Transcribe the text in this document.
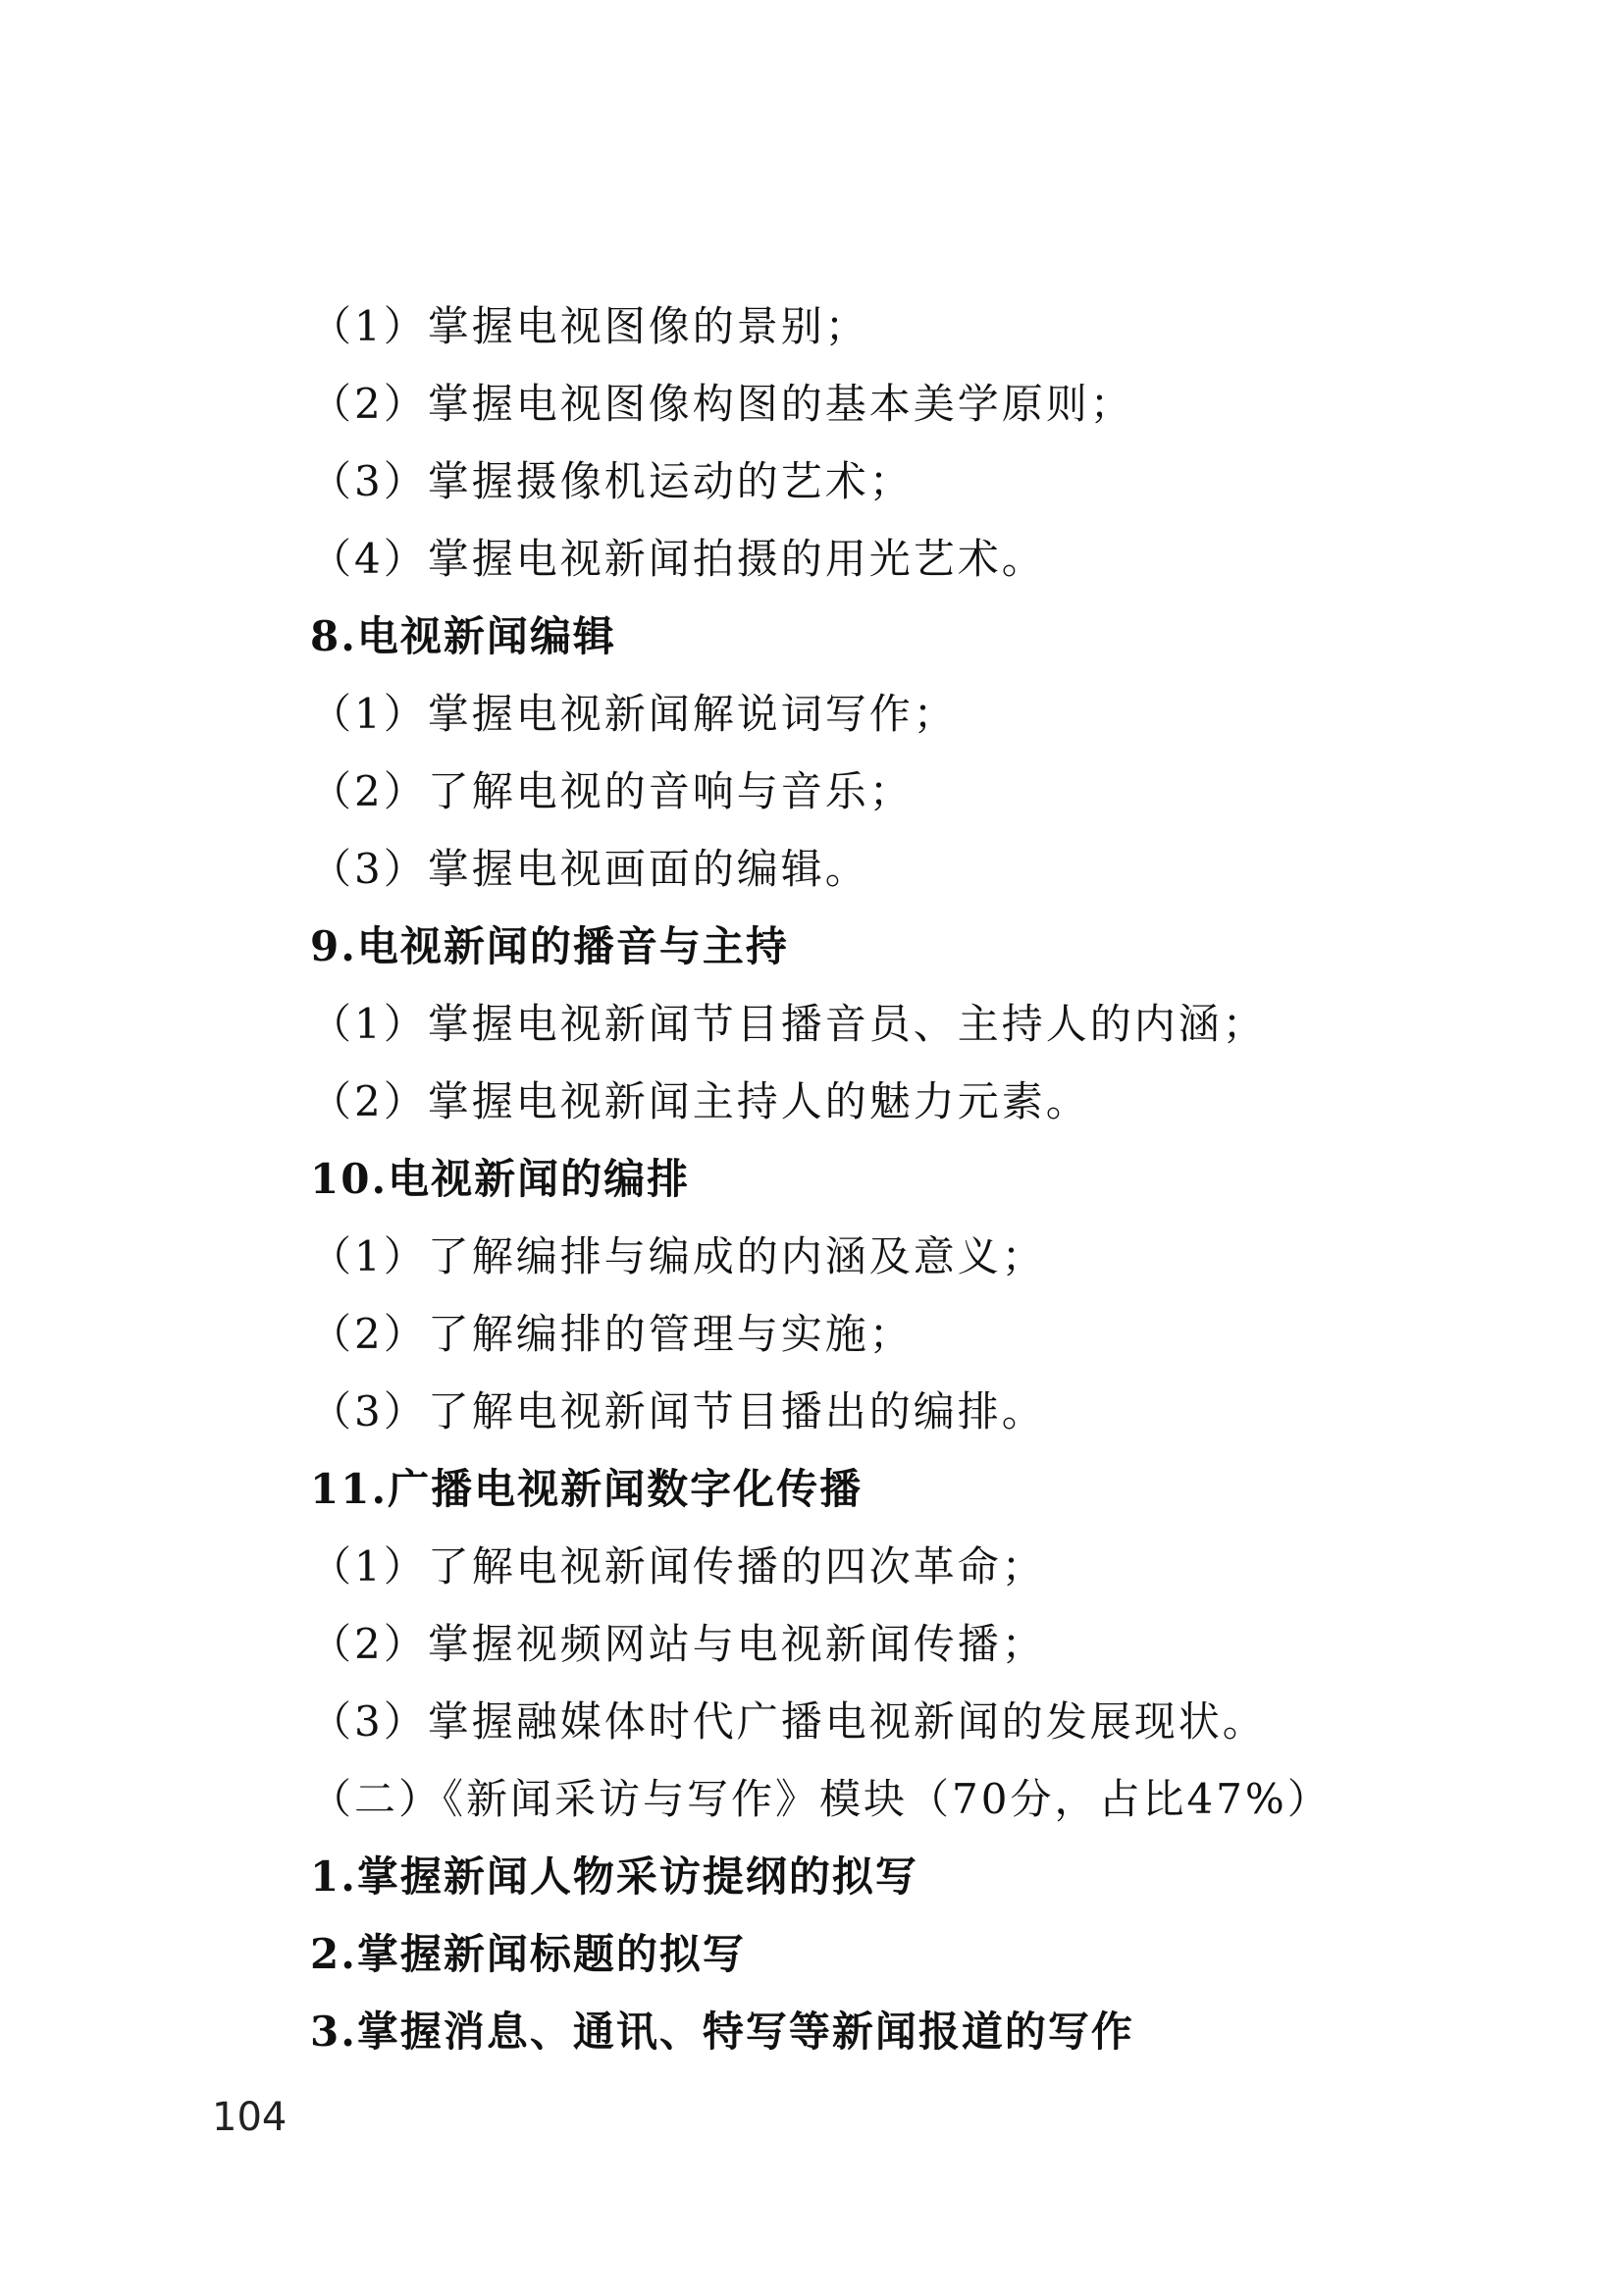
（1）掌握电视图像的景别；
（2）掌握电视图像构图的基本美学原则；
（3）掌握摄像机运动的艺术；
（4）掌握电视新闻拍摄的用光艺术。
8.电视新闻编辑
（1）掌握电视新闻解说词写作；
（2）了解电视的音响与音乐；
（3）掌握电视画面的编辑。
9.电视新闻的播音与主持
（1）掌握电视新闻节目播音员、主持人的内涵；
（2）掌握电视新闻主持人的魅力元素。
10.电视新闻的编排
（1）了解编排与编成的内涵及意义；
（2）了解编排的管理与实施；
（3）了解电视新闻节目播出的编排。
11.广播电视新闻数字化传播
（1）了解电视新闻传播的四次革命；
（2）掌握视频网站与电视新闻传播；
（3）掌握融媒体时代广播电视新闻的发展现状。
（二）《新闻采访与写作》模块（70分，占比47%）
1.掌握新闻人物采访提纲的拟写
2.掌握新闻标题的拟写
3.掌握消息、通讯、特写等新闻报道的写作
104
